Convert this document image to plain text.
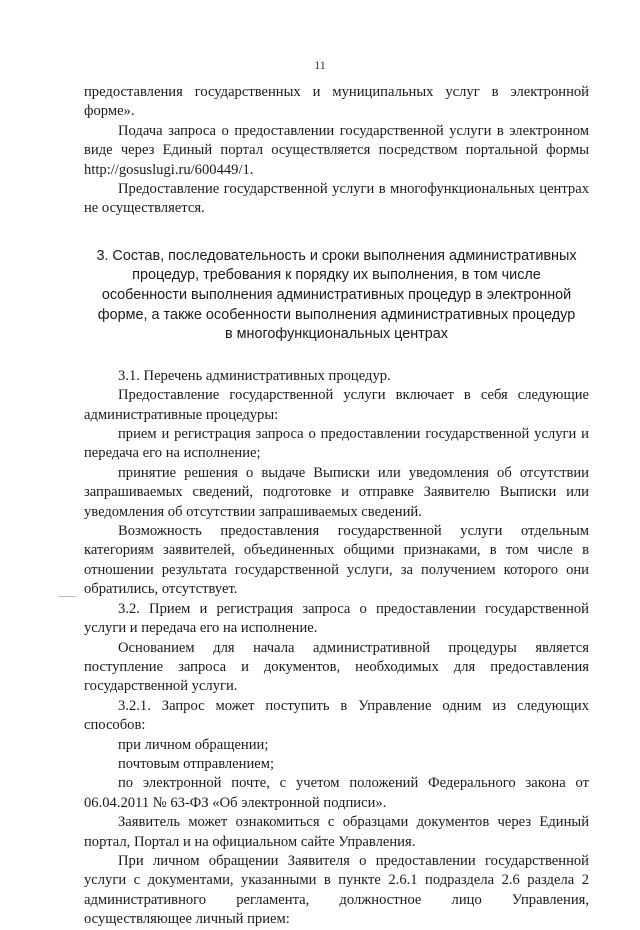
11

предоставления государственных и муниципальных услуг в электронной форме».

Подача запроса о предоставлении государственной услуги в электронном виде через Единый портал осуществляется посредством портальной формы http://gosuslugi.ru/600449/1.

Предоставление государственной услуги в многофункциональных центрах не осуществляется.

3. Состав, последовательность и сроки выполнения административных процедур, требования к порядку их выполнения, в том числе особенности выполнения административных процедур в электронной форме, а также особенности выполнения административных процедур в многофункциональных центрах

3.1. Перечень административных процедур.

Предоставление государственной услуги включает в себя следующие административные процедуры:

прием и регистрация запроса о предоставлении государственной услуги и передача его на исполнение;

принятие решения о выдаче Выписки или уведомления об отсутствии запрашиваемых сведений, подготовке и отправке Заявителю Выписки или уведомления об отсутствии запрашиваемых сведений.

Возможность предоставления государственной услуги отдельным категориям заявителей, объединенных общими признаками, в том числе в отношении результата государственной услуги, за получением которого они обратились, отсутствует.

3.2. Прием и регистрация запроса о предоставлении государственной услуги и передача его на исполнение.

Основанием для начала административной процедуры является поступление запроса и документов, необходимых для предоставления государственной услуги.

3.2.1. Запрос может поступить в Управление одним из следующих способов:

при личном обращении;

почтовым отправлением;

по электронной почте, с учетом положений Федерального закона от 06.04.2011 № 63-ФЗ «Об электронной подписи».

Заявитель может ознакомиться с образцами документов через Единый портал, Портал и на официальном сайте Управления.

При личном обращении Заявителя о предоставлении государственной услуги с документами, указанными в пункте 2.6.1 подраздела 2.6 раздела 2 административного регламента, должностное лицо Управления, осуществляющее личный прием:
